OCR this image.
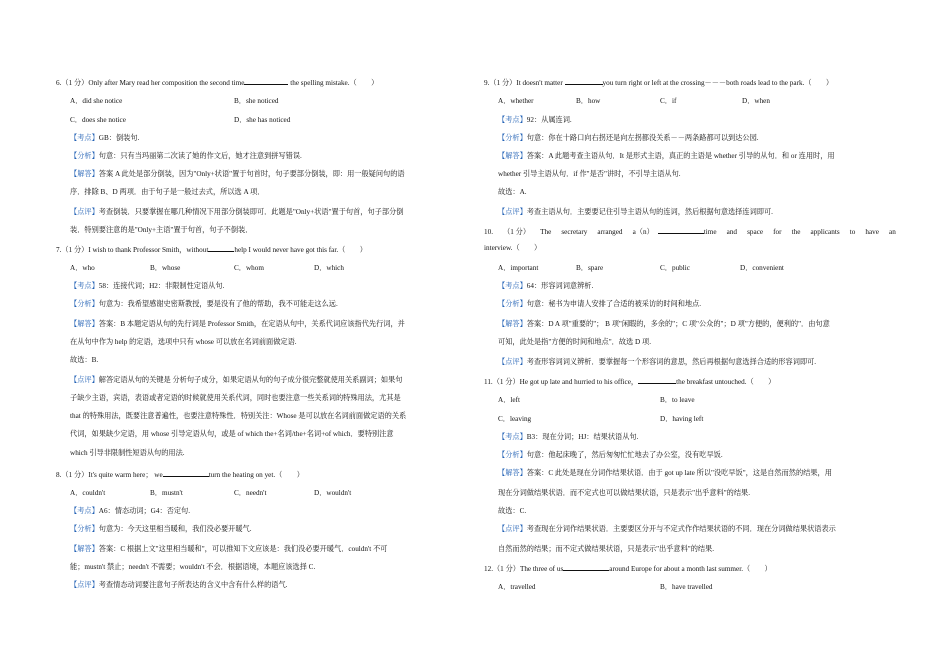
6.（1 分）Only after Mary read her composition the second time	the spelling mistake.（　　）
A．did she notice	B．she noticed
C．does she notice	D．she has noticed
【考点】GB：倒装句.
【分析】句意：只有当玛丽第二次读了她的作文后，她才注意到拼写错误.
【解答】答案 A 此处是部分倒装，因为"Only+状语"置于句首时，句子要部分倒装，即：用一般疑问句的语
序．排除 B、D 两项．由于句子是一般过去式，所以选 A 项．
【点评】考查倒装．只要掌握在哪几种情况下用部分倒装即可．此题是"Only+状语"置于句首，句子部分倒
装．特别要注意的是"Only+主语"置于句首，句子不倒装．
7.（1 分）I wish to thank Professor Smith，without	help I would never have got this far.（　　）
A．who	B．whose	C．whom	D．which
【考点】58：连接代词；H2：非限制性定语从句.
【分析】句意为：我希望感谢史密斯教授，要是没有了他的帮助，我不可能走这么远.
【解答】答案：B 本题定语从句的先行词是 Professor Smith，在定语从句中，关系代词应该指代先行词，并
在从句中作为 help 的定语，选项中只有 whose 可以放在名词前面做定语.
故选：B.
【点评】解答定语从句的关键是 分析句子成分，如果定语从句的句子成分很完整就使用关系副词；如果句
子缺少主语，宾语，表语或者定语的时候就使用关系代词，同时也要注意一些关系词的特殊用法，尤其是
that 的特殊用法，既要注意普遍性，也要注意特殊性．特别关注：Whose 是可以放在名词前面做定语的关系
代词，如果缺少定语，用 whose 引导定语从句，或是 of which the+名词/the+名词+of which．要特别注意
which 引导非限制性短语从句的用法.
8.（1 分）It's quite warm here； we	turn the heating on yet.（　　）
A．couldn't	B．mustn't	C．needn't	D．wouldn't
【考点】A6：情态动词；G4：否定句.
【分析】句意为：今天这里相当暖和，我们没必要开暖气.
【解答】答案：C 根据上文"这里相当暖和"，可以推知下文应该是：我们没必要开暖气．couldn't 不可
能；mustn't 禁止；needn't 不需要；wouldn't 不会．根据语境，本题应该选择 C.
【点评】考查情态动词要注意句子所表达的含义中含有什么样的语气.
9.（1 分）It doesn't matter	you turn right or left at the crossing－－－both roads lead to the park.（　　）
A．whether	B．how	C．if	D．when
【考点】92：从属连词.
【分析】句意：你在十路口向右拐还是向左拐都没关系－－两条路都可以到达公园.
【解答】答案：A 此题考查主语从句．It 是形式主语，真正的主语是 whether 引导的从句．和 or 连用时，用
whether 引导主语从句．if 作"是否"讲时，不引导主语从句.
故选：A.
【点评】考查主语从句．主要要记住引导主语从句的连词，然后根据句意选择连词即可.
10. （1 分） The secretary arranged a（n）	time and space for the applicants to have an
interview.（　　）
A．important	B．spare	C．public	D．convenient
【考点】64：形容词词意辨析.
【分析】句意：秘书为申请人安排了合适的被采访的时间和地点.
【解答】答案：D A 项"重要的"； B 项"闲暇的，多余的"；C 项"公众的"；D 项"方便的，便利的"．由句意
可知，此处是指"方便的时间和地点"．故选 D 项.
【点评】考查形容词词义辨析．要掌握每一个形容词的意思，然后再根据句意选择合适的形容词即可.
11.（1 分）He got up late and hurried to his office，	the breakfast untouched.（　　）
A．left	B．to leave
C．leaving	D．having left
【考点】B3：现在分词；HJ：结果状语从句.
【分析】句意：他起床晚了，然后匆匆忙忙地去了办公室，没有吃早饭.
【解答】答案：C 此处是现在分词作结果状语．由于 got up late 所以"没吃早饭"，这是自然而然的结果，用
现在分词做结果状语．而不定式也可以做结果状语，只是表示"出乎意料"的结果.
故选：C.
【点评】考查现在分词作结果状语．主要要区分开与不定式作作结果状语的不同．现在分词做结果状语表示
自然而然的结果；而不定式做结果状语，只是表示"出乎意料"的结果.
12.（1 分）The three of us	around Europe for about a month last summer.（　　）
A．travelled	B．have travelled
